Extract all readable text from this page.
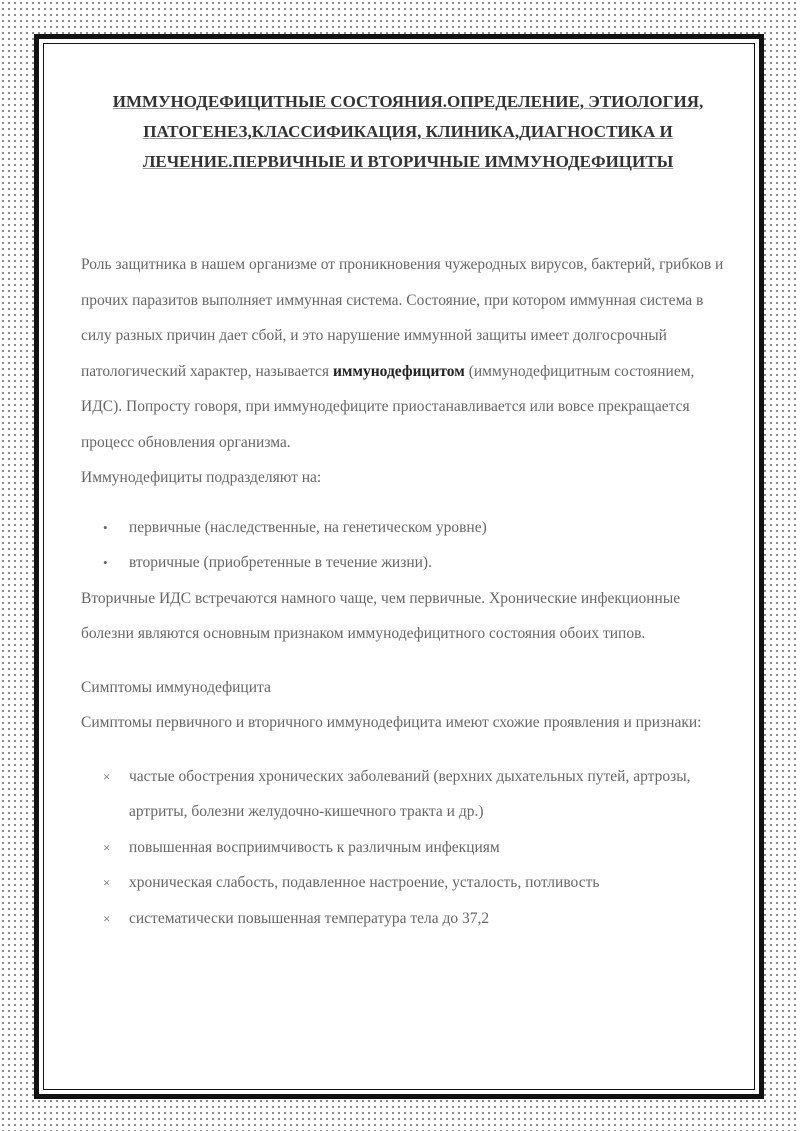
ИММУНОДЕФИЦИТНЫЕ СОСТОЯНИЯ.ОПРЕДЕЛЕНИЕ, ЭТИОЛОГИЯ, ПАТОГЕНЕЗ,КЛАССИФИКАЦИЯ, КЛИНИКА,ДИАГНОСТИКА И ЛЕЧЕНИЕ.ПЕРВИЧНЫЕ И ВТОРИЧНЫЕ ИММУНОДЕФИЦИТЫ

Роль защитника в нашем организме от проникновения чужеродных вирусов, бактерий, грибков и прочих паразитов выполняет иммунная система. Состояние, при котором иммунная система в силу разных причин дает сбой, и это нарушение иммунной защиты имеет долгосрочный патологический характер, называется иммунодефицитом (иммунодефицитным состоянием, ИДС). Попросту говоря, при иммунодефиците приостанавливается или вовсе прекращается процесс обновления организма.

Иммунодефициты подразделяют на:

• первичные (наследственные, на генетическом уровне)
• вторичные (приобретенные в течение жизни).

Вторичные ИДС встречаются намного чаще, чем первичные. Хронические инфекционные болезни являются основным признаком иммунодефицитного состояния обоих типов.

Симптомы иммунодефицита

Симптомы первичного и вторичного иммунодефицита имеют схожие проявления и признаки:

× частые обострения хронических заболеваний (верхних дыхательных путей, артрозы, артриты, болезни желудочно-кишечного тракта и др.)
× повышенная восприимчивость к различным инфекциям
× хроническая слабость, подавленное настроение, усталость, потливость
× систематически повышенная температура тела до 37,2
